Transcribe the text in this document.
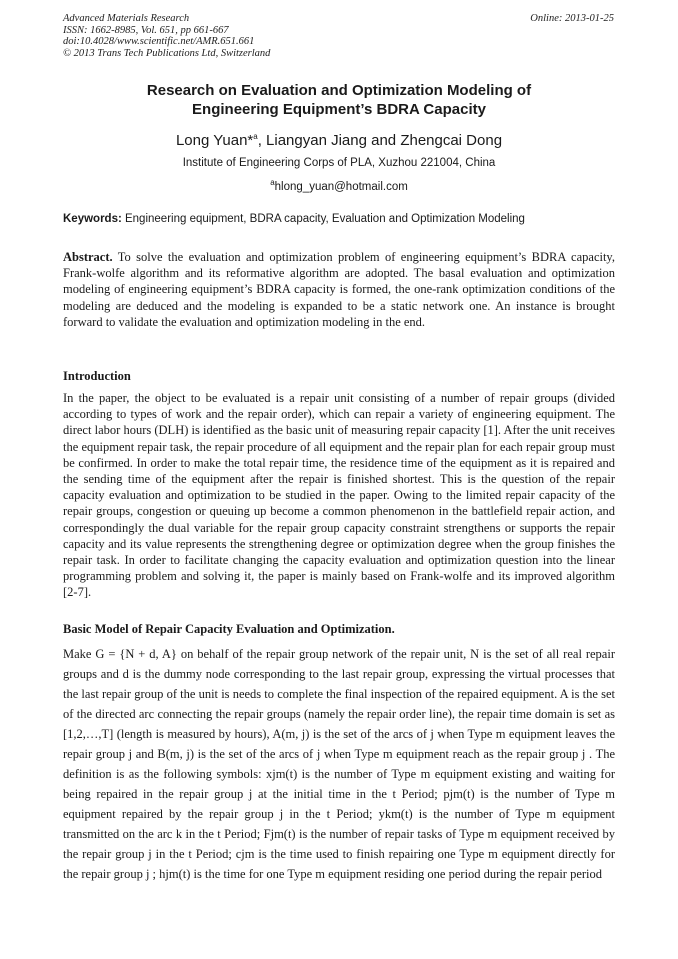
Advanced Materials Research
ISSN: 1662-8985, Vol. 651, pp 661-667
doi:10.4028/www.scientific.net/AMR.651.661
© 2013 Trans Tech Publications Ltd, Switzerland
Online: 2013-01-25
Research on Evaluation and Optimization Modeling of
Engineering Equipment’s BDRA Capacity
Long Yuan*$^a$, Liangyan Jiang and Zhengcai Dong
Institute of Engineering Corps of PLA, Xuzhou 221004, China
$^a$hlong_yuan@hotmail.com
Keywords: Engineering equipment, BDRA capacity, Evaluation and Optimization Modeling
Abstract. To solve the evaluation and optimization problem of engineering equipment’s BDRA capacity, Frank-wolfe algorithm and its reformative algorithm are adopted. The basal evaluation and optimization modeling of engineering equipment’s BDRA capacity is formed, the one-rank optimization conditions of the modeling are deduced and the modeling is expanded to be a static network one. An instance is brought forward to validate the evaluation and optimization modeling in the end.
Introduction
In the paper, the object to be evaluated is a repair unit consisting of a number of repair groups (divided according to types of work and the repair order), which can repair a variety of engineering equipment. The direct labor hours (DLH) is identified as the basic unit of measuring repair capacity [1]. After the unit receives the equipment repair task, the repair procedure of all equipment and the repair plan for each repair group must be confirmed. In order to make the total repair time, the residence time of the equipment as it is repaired and the sending time of the equipment after the repair is finished shortest. This is the question of the repair capacity evaluation and optimization to be studied in the paper. Owing to the limited repair capacity of the repair groups, congestion or queuing up become a common phenomenon in the battlefield repair action, and correspondingly the dual variable for the repair group capacity constraint strengthens or supports the repair capacity and its value represents the strengthening degree or optimization degree when the group finishes the repair task. In order to facilitate changing the capacity evaluation and optimization question into the linear programming problem and solving it, the paper is mainly based on Frank-wolfe and its improved algorithm [2-7].
Basic Model of Repair Capacity Evaluation and Optimization.
Make G = {N + d, A} on behalf of the repair group network of the repair unit, N is the set of all real repair groups and d is the dummy node corresponding to the last repair group, expressing the virtual processes that the last repair group of the unit is needs to complete the final inspection of the repaired equipment. A is the set of the directed arc connecting the repair groups (namely the repair order line), the repair time domain is set as [1,2,…,T] (length is measured by hours), A(m, j) is the set of the arcs of j when Type m equipment leaves the repair group j and B(m, j) is the set of the arcs of j when Type m equipment reach as the repair group j . The definition is as the following symbols: xjm(t) is the number of Type m equipment existing and waiting for being repaired in the repair group j at the initial time in the t Period; pjm(t) is the number of Type m equipment repaired by the repair group j in the t Period; ykm(t) is the number of Type m equipment transmitted on the arc k in the t Period; Fjm(t) is the number of repair tasks of Type m equipment received by the repair group j in the t Period; cjm is the time used to finish repairing one Type m equipment directly for the repair group j ; hjm(t) is the time for one Type m equipment residing one period during the repair period
